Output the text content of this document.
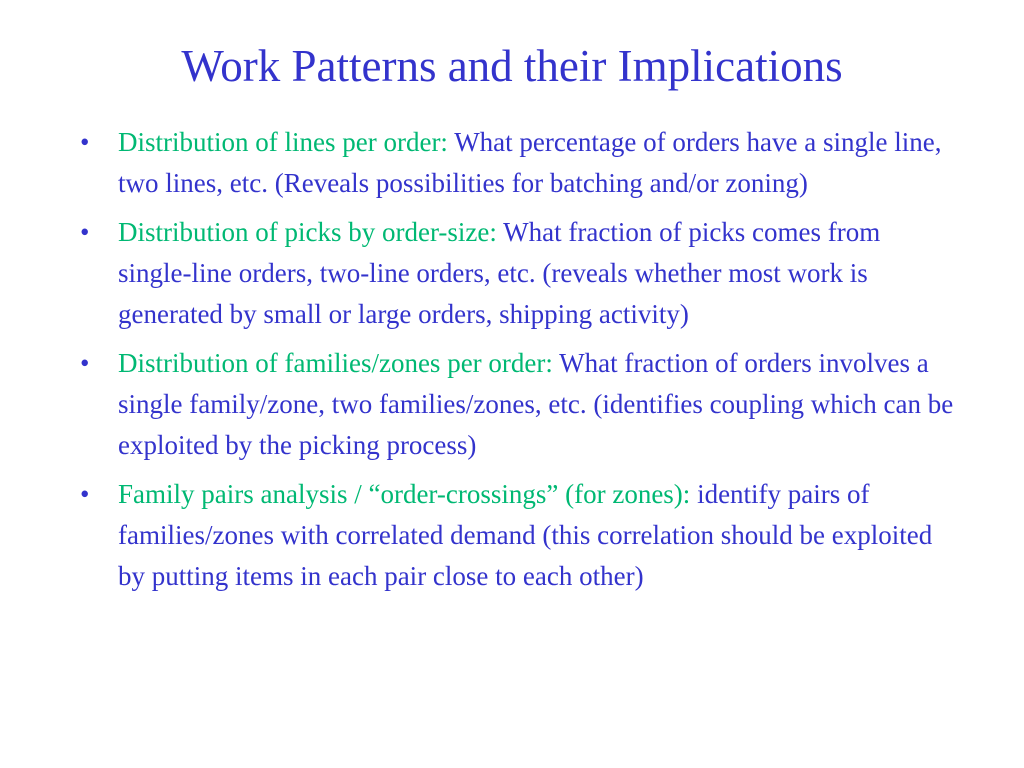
Work Patterns and their Implications
• Distribution of lines per order: What percentage of orders have a single line, two lines, etc. (Reveals possibilities for batching and/or zoning)
• Distribution of picks by order-size: What fraction of picks comes from single-line orders, two-line orders, etc. (reveals whether most work is generated by small or large orders, shipping activity)
• Distribution of families/zones per order: What fraction of orders involves a single family/zone, two families/zones, etc. (identifies coupling which can be exploited by the picking process)
• Family pairs analysis / “order-crossings” (for zones): identify pairs of families/zones with correlated demand (this correlation should be exploited by putting items in each pair close to each other)
